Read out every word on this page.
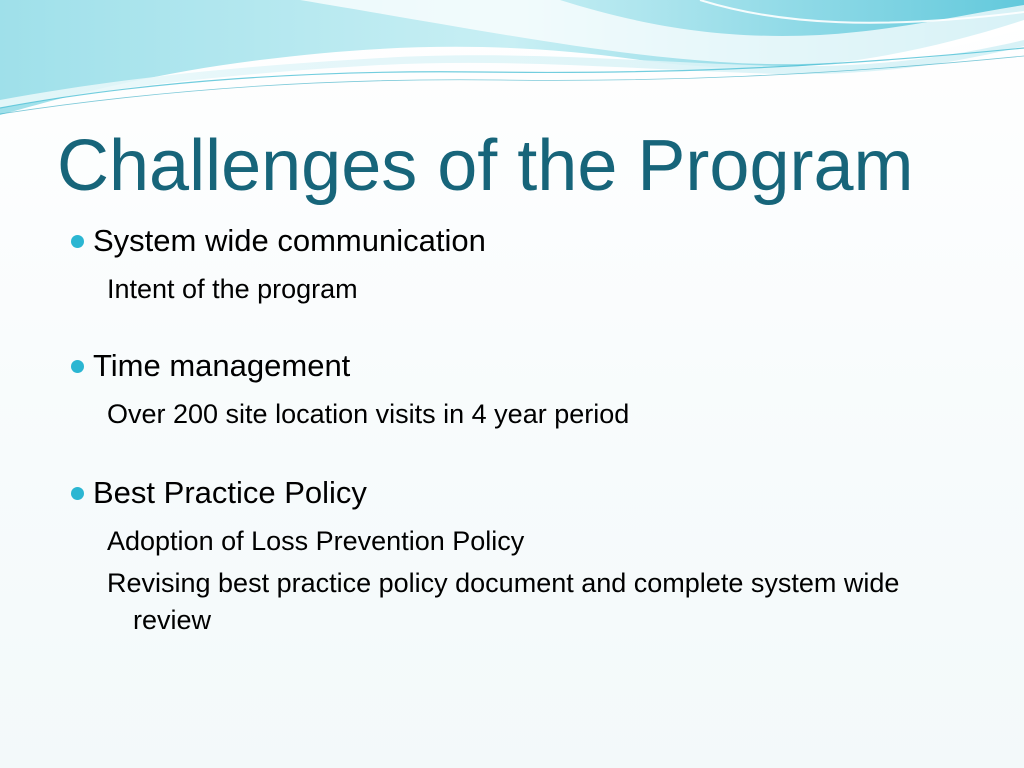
Challenges of the Program
System wide communication
Intent of the program
Time management
Over 200 site location visits in 4 year period
Best Practice Policy
Adoption of Loss Prevention Policy
Revising best practice policy document and complete system wide review
